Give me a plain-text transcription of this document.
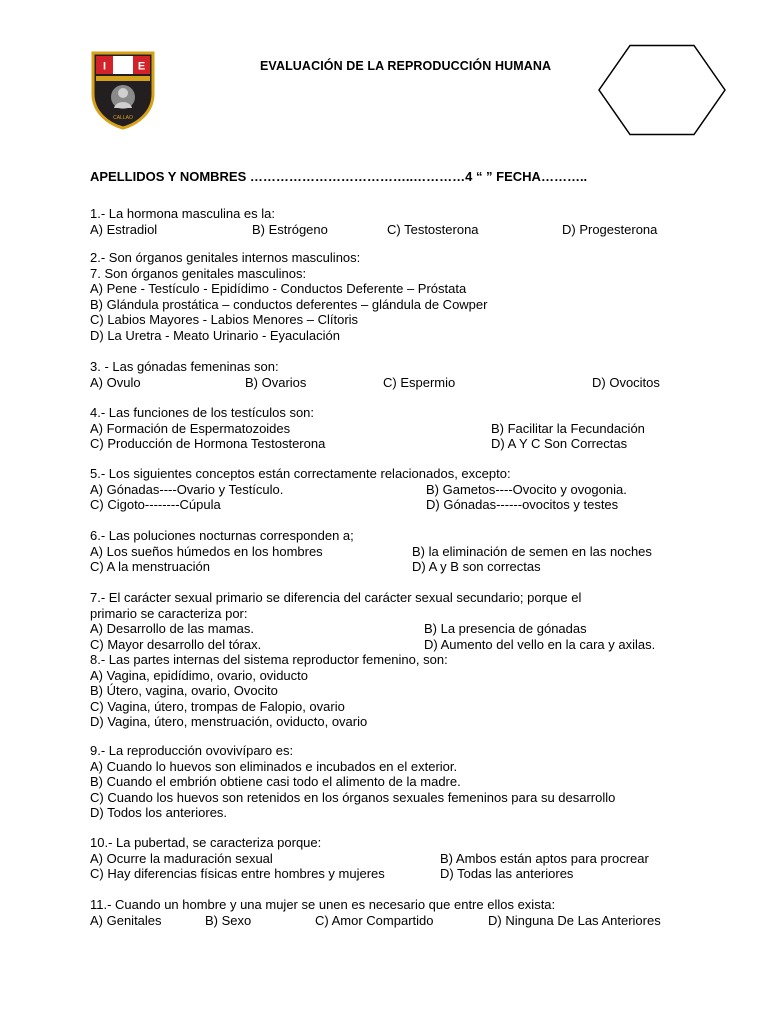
I	E
CALLAO
EVALUACIÓN DE LA REPRODUCCIÓN HUMANA
APELLIDOS Y NOMBRES ………………………………..…………4 “ ” FECHA………..
1.- La hormona masculina es la:
A) Estradiol	B) Estrógeno	C) Testosterona	D) Progesterona
2.- Son órganos genitales internos masculinos:
7. Son órganos genitales masculinos:
A) Pene - Testículo - Epidídimo - Conductos Deferente – Próstata
B) Glándula prostática – conductos deferentes – glándula de Cowper
C) Labios Mayores - Labios Menores – Clítoris
D) La Uretra - Meato Urinario - Eyaculación
3. - Las gónadas femeninas son:
A) Ovulo	B) Ovarios	C) Espermio	D) Ovocitos
4.- Las funciones de los testículos son:
A) Formación de Espermatozoides	B) Facilitar la Fecundación
C) Producción de Hormona Testosterona	D) A Y C Son Correctas
5.- Los siguientes conceptos están correctamente relacionados, excepto:
A) Gónadas----Ovario y Testículo.	B) Gametos----Ovocito y ovogonia.
C) Cigoto--------Cúpula	D) Gónadas------ovocitos y testes
6.- Las poluciones nocturnas corresponden a;
A) Los sueños húmedos en los hombres	B) la eliminación de semen en las noches
C) A la menstruación	D) A y B son correctas
7.- El carácter sexual primario se diferencia del carácter sexual secundario; porque el
primario se caracteriza por:
A) Desarrollo de las mamas.	B) La presencia de gónadas
C) Mayor desarrollo del tórax.	D) Aumento del vello en la cara y axilas.
8.- Las partes internas del sistema reproductor femenino, son:
A) Vagina, epidídimo, ovario, oviducto
B) Útero, vagina, ovario, Ovocito
C) Vagina, útero, trompas de Falopio, ovario
D) Vagina, útero, menstruación, oviducto, ovario
9.- La reproducción ovovivíparo es:
A) Cuando lo huevos son eliminados e incubados en el exterior.
B) Cuando el embrión obtiene casi todo el alimento de la madre.
C) Cuando los huevos son retenidos en los órganos sexuales femeninos para su desarrollo
D) Todos los anteriores.
10.- La pubertad, se caracteriza porque:
A) Ocurre la maduración sexual	B) Ambos están aptos para procrear
C) Hay diferencias físicas entre hombres y mujeres	D) Todas las anteriores
11.- Cuando un hombre y una mujer se unen es necesario que entre ellos exista:
A) Genitales	B) Sexo	C) Amor Compartido	D) Ninguna De Las Anteriores
